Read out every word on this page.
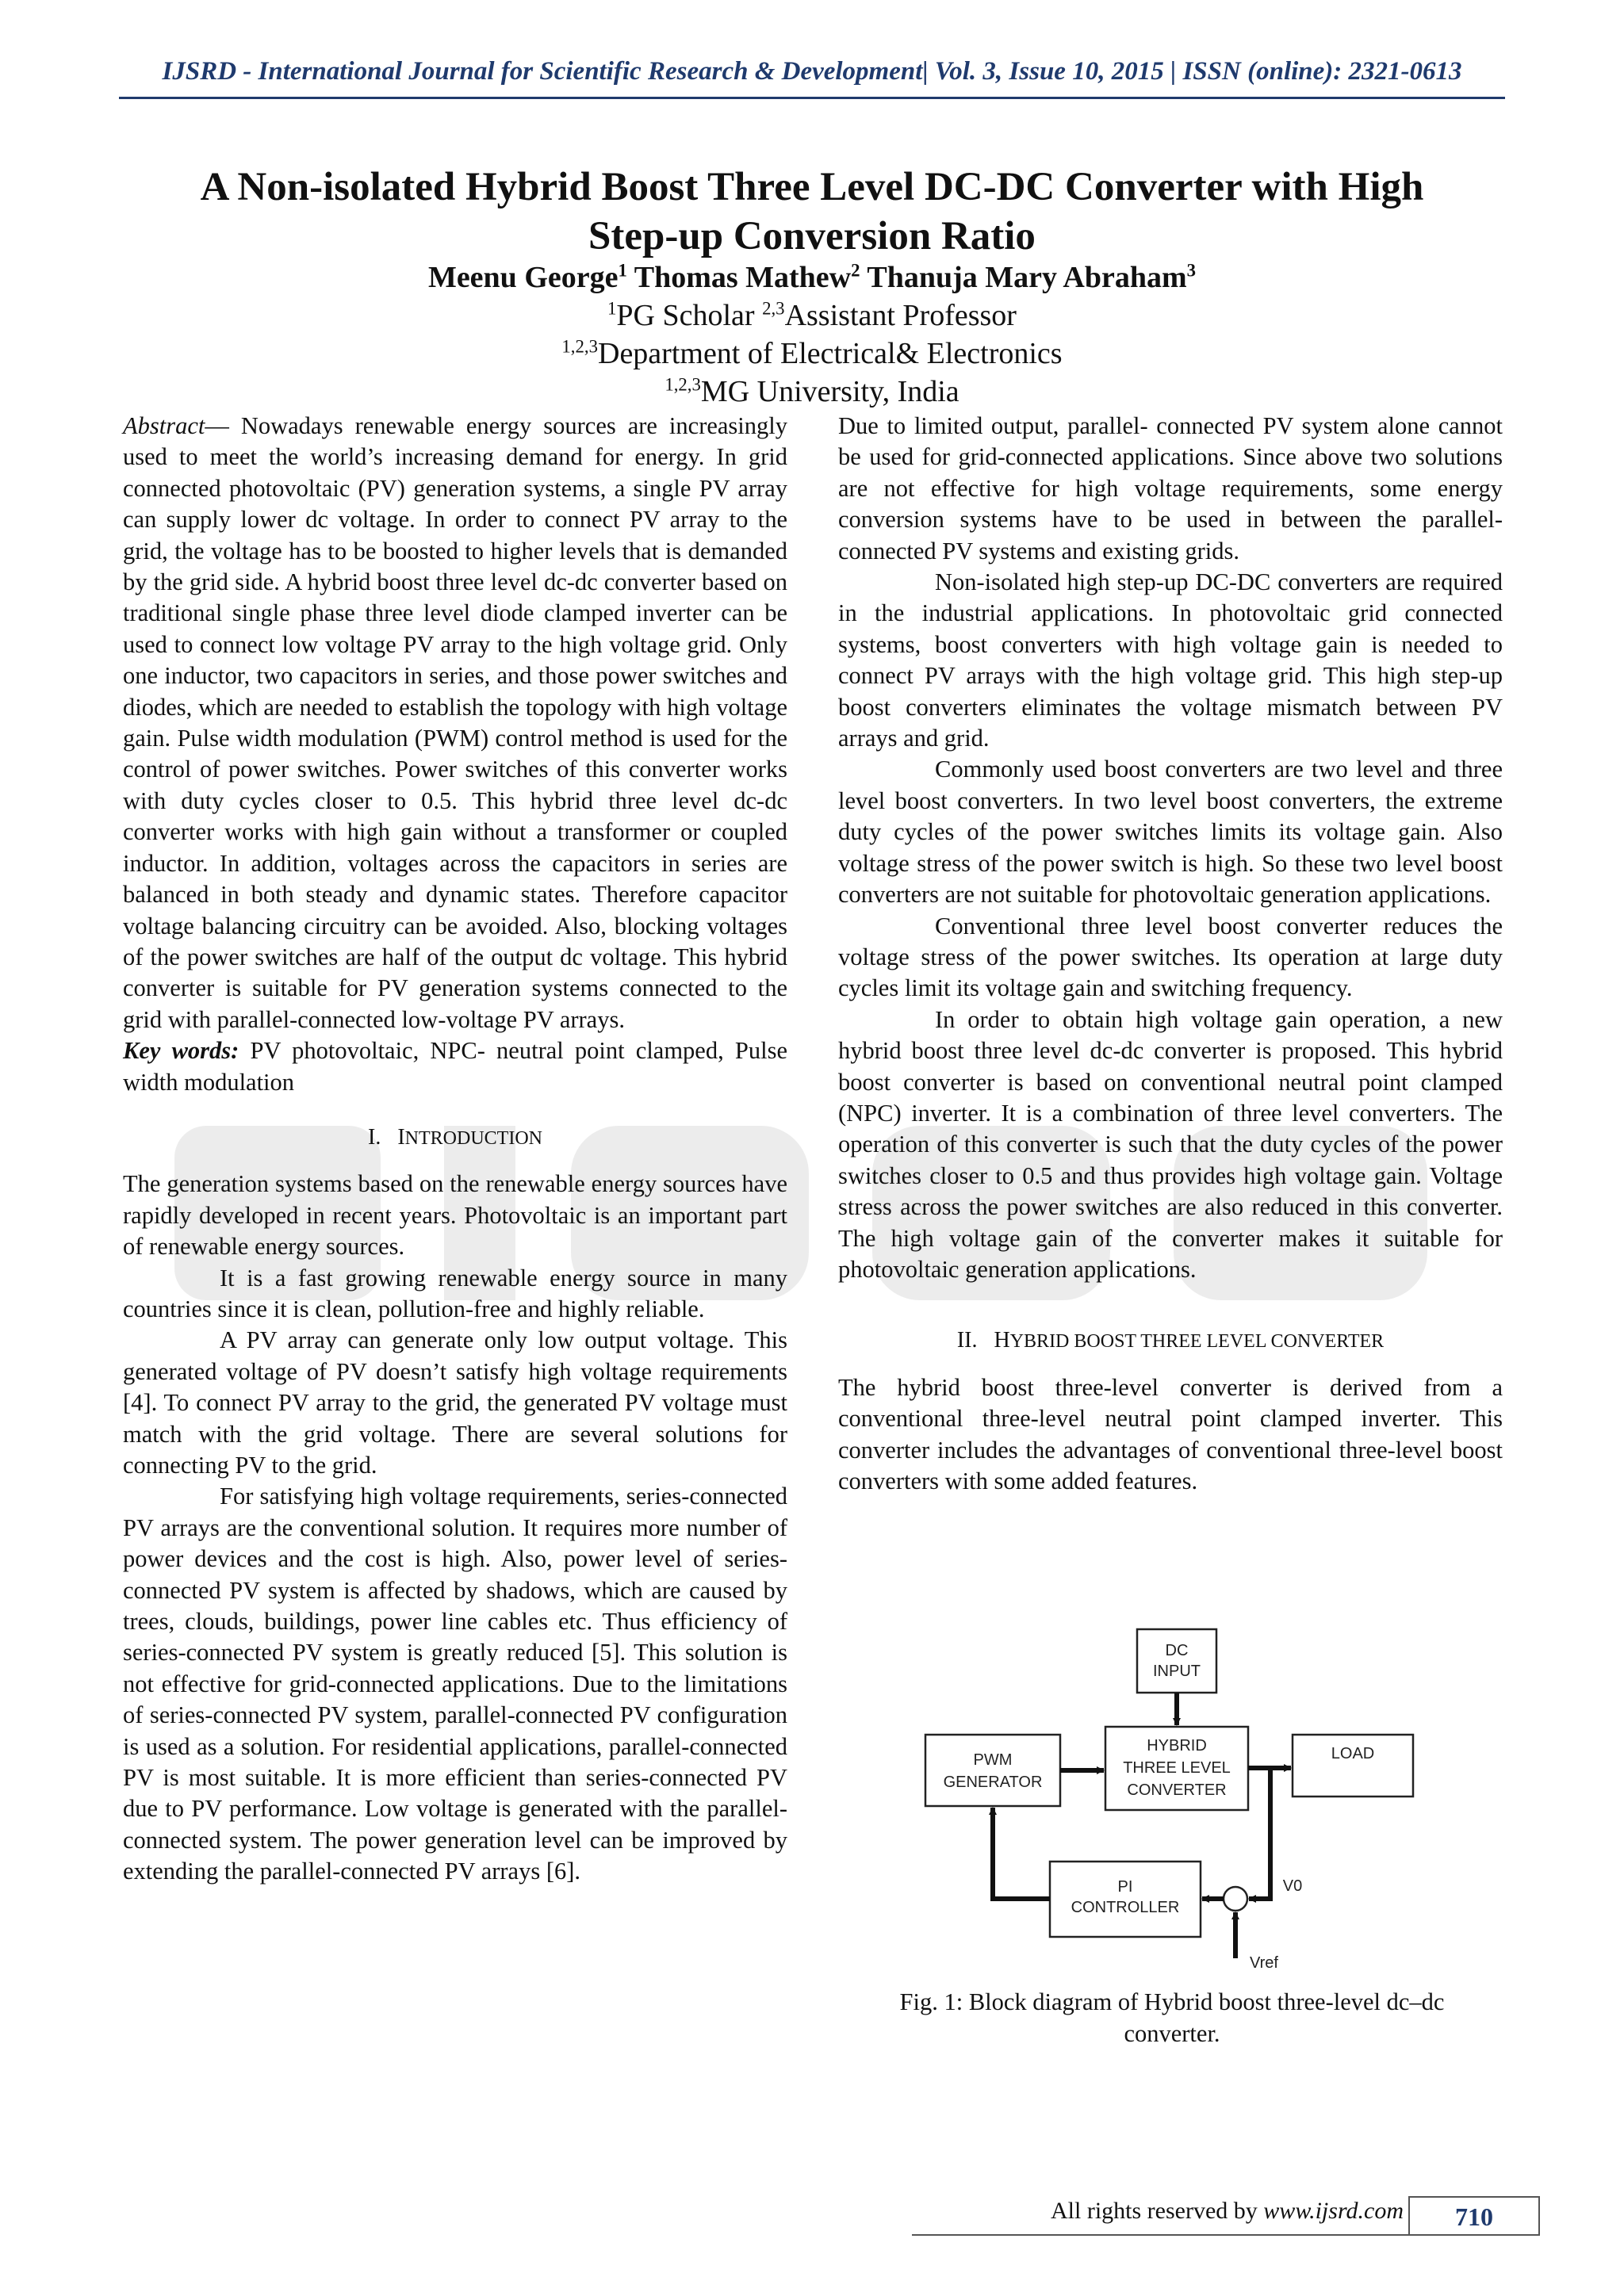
IJSRD - International Journal for Scientific Research & Development| Vol. 3, Issue 10, 2015 | ISSN (online): 2321-0613
A Non-isolated Hybrid Boost Three Level DC-DC Converter with High
Step-up Conversion Ratio
Meenu George$^1$ Thomas Mathew$^2$ Thanuja Mary Abraham$^3$
$^1$PG Scholar $^{2,3}$Assistant Professor
$^{1,2,3}$Department of Electrical& Electronics
$^{1,2,3}$MG University, India

Abstract— Nowadays renewable energy sources are increasingly used to meet the world’s increasing demand for energy. In grid connected photovoltaic (PV) generation systems, a single PV array can supply lower dc voltage. In order to connect PV array to the grid, the voltage has to be boosted to higher levels that is demanded by the grid side. A hybrid boost three level dc-dc converter based on traditional single phase three level diode clamped inverter can be used to connect low voltage PV array to the high voltage grid. Only one inductor, two capacitors in series, and those power switches and diodes, which are needed to establish the topology with high voltage gain. Pulse width modulation (PWM) control method is used for the control of power switches. Power switches of this converter works with duty cycles closer to 0.5. This hybrid three level dc-dc converter works with high gain without a transformer or coupled inductor. In addition, voltages across the capacitors in series are balanced in both steady and dynamic states. Therefore capacitor voltage balancing circuitry can be avoided. Also, blocking voltages of the power switches are half of the output dc voltage. This hybrid converter is suitable for PV generation systems connected to the grid with parallel-connected low-voltage PV arrays.

Key words: PV photovoltaic, NPC- neutral point clamped, Pulse width modulation

I. INTRODUCTION

The generation systems based on the renewable energy sources have rapidly developed in recent years. Photovoltaic is an important part of renewable energy sources.

It is a fast growing renewable energy source in many countries since it is clean, pollution-free and highly reliable.

A PV array can generate only low output voltage. This generated voltage of PV doesn’t satisfy high voltage requirements [4]. To connect PV array to the grid, the generated PV voltage must match with the grid voltage. There are several solutions for connecting PV to the grid.

For satisfying high voltage requirements, series-connected PV arrays are the conventional solution. It requires more number of power devices and the cost is high. Also, power level of series-connected PV system is affected by shadows, which are caused by trees, clouds, buildings, power line cables etc. Thus efficiency of series-connected PV system is greatly reduced [5]. This solution is not effective for grid-connected applications. Due to the limitations of series-connected PV system, parallel-connected PV configuration is used as a solution. For residential applications, parallel-connected PV is most suitable. It is more efficient than series-connected PV due to PV performance. Low voltage is generated with the parallel-connected system. The power generation level can be improved by extending the parallel-connected PV arrays [6].

Due to limited output, parallel- connected PV system alone cannot be used for grid-connected applications. Since above two solutions are not effective for high voltage requirements, some energy conversion systems have to be used in between the parallel-connected PV systems and existing grids.

Non-isolated high step-up DC-DC converters are required in the industrial applications. In photovoltaic grid connected systems, boost converters with high voltage gain is needed to connect PV arrays with the high voltage grid. This high step-up boost converters eliminates the voltage mismatch between PV arrays and grid.

Commonly used boost converters are two level and three level boost converters. In two level boost converters, the extreme duty cycles of the power switches limits its voltage gain. Also voltage stress of the power switch is high. So these two level boost converters are not suitable for photovoltaic generation applications.

Conventional three level boost converter reduces the voltage stress of the power switches. Its operation at large duty cycles limit its voltage gain and switching frequency.

In order to obtain high voltage gain operation, a new hybrid boost three level dc-dc converter is proposed. This hybrid boost converter is based on conventional neutral point clamped (NPC) inverter. It is a combination of three level converters. The operation of this converter is such that the duty cycles of the power switches closer to 0.5 and thus provides high voltage gain. Voltage stress across the power switches are also reduced in this converter. The high voltage gain of the converter makes it suitable for photovoltaic generation applications.

II. HYBRID BOOST THREE LEVEL CONVERTER

The hybrid boost three-level converter is derived from a conventional three-level neutral point clamped inverter. This converter includes the advantages of conventional three-level boost converters with some added features.

DC
INPUT
HYBRID
THREE LEVEL
CONVERTER
PWM
GENERATOR
LOAD
PI
CONTROLLER
V0
Vref
Fig. 1: Block diagram of Hybrid boost three-level dc–dc
converter.
All rights reserved by www.ijsrd.com	710
